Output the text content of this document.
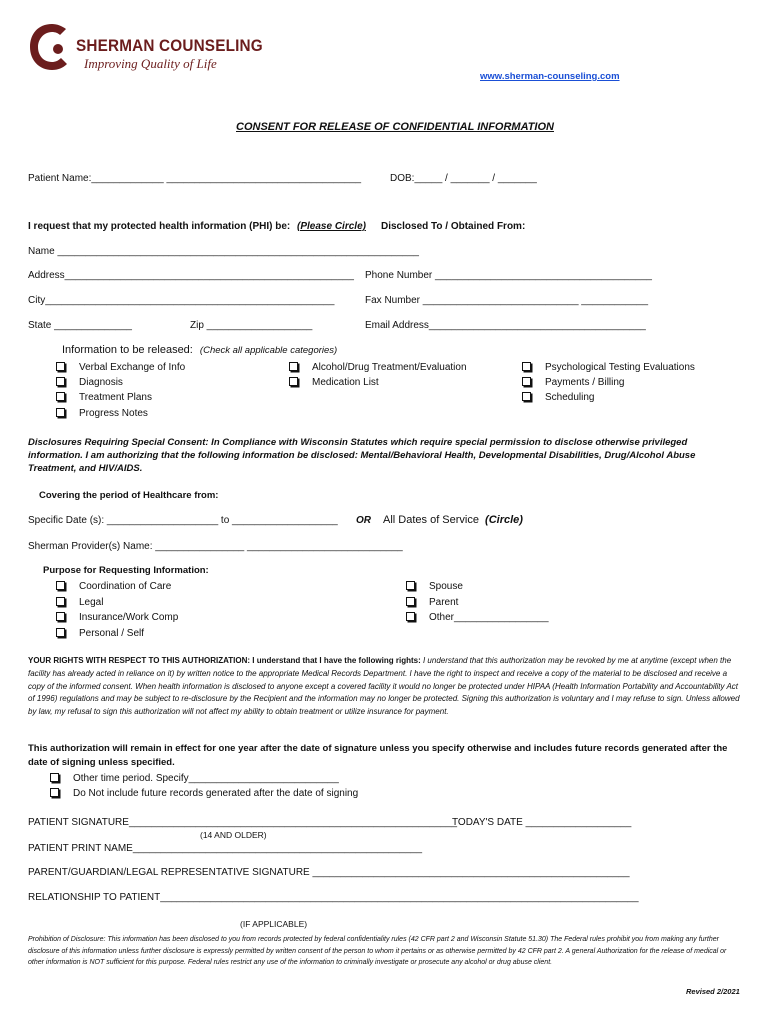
SHERMAN COUNSELING
Improving Quality of Life
www.sherman-counseling.com
CONSENT FOR RELEASE OF CONFIDENTIAL INFORMATION
Patient Name:_____________ ___________________________________	DOB:_____ / _______ / _______
I request that my protected health information (PHI) be: (Please Circle) Disclosed To / Obtained From:
Name _________________________________________________________________
Address____________________________________________________ Phone Number _______________________________________
City____________________________________________________	Fax Number ____________________________ ____________
State ______________	Zip ___________________	Email Address_______________________________________
Information to be released: (Check all applicable categories)
Verbal Exchange of Info
Diagnosis
Treatment Plans
Progress Notes
Alcohol/Drug Treatment/Evaluation
Medication List
Psychological Testing Evaluations
Payments / Billing
Scheduling
Disclosures Requiring Special Consent: In Compliance with Wisconsin Statutes which require special permission to disclose otherwise privileged information. I am authorizing that the following information be disclosed: Mental/Behavioral Health, Developmental Disabilities, Drug/Alcohol Abuse Treatment, and HIV/AIDS.
Covering the period of Healthcare from:
Specific Date (s): ____________________ to ___________________ OR All Dates of Service (Circle)
Sherman Provider(s) Name: ________________ ____________________________
Purpose for Requesting Information:
Coordination of Care
Legal
Insurance/Work Comp
Personal / Self
Spouse
Parent
Other_________________
YOUR RIGHTS WITH RESPECT TO THIS AUTHORIZATION: I understand that I have the following rights: I understand that this authorization may be revoked by me at anytime (except when the facility has already acted in reliance on it) by written notice to the appropriate Medical Records Department. I have the right to inspect and receive a copy of the material to be disclosed and receive a copy of the informed consent. When health information is disclosed to anyone except a covered facility it would no longer be protected under HIPAA (Health Information Portability and Accountability Act of 1996) regulations and may be subject to re-disclosure by the Recipient and the information may no longer be protected. Signing this authorization is voluntary and I may refuse to sign. Unless allowed by law, my refusal to sign this authorization will not affect my ability to obtain treatment or utilize insurance for payment.
This authorization will remain in effect for one year after the date of signature unless you specify otherwise and includes future records generated after the date of signing unless specified.
Other time period. Specify___________________________
Do Not include future records generated after the date of signing
PATIENT SIGNATURE___________________________________________________________
TODAY'S DATE ___________________
(14 AND OLDER)
PATIENT PRINT NAME____________________________________________________
PARENT/GUARDIAN/LEGAL REPRESENTATIVE SIGNATURE _________________________________________________________
RELATIONSHIP TO PATIENT______________________________________________________________________________________
(IF APPLICABLE)
Prohibition of Disclosure: This information has been disclosed to you from records protected by federal confidentiality rules (42 CFR part 2 and Wisconsin Statute 51.30) The Federal rules prohibit you from making any further disclosure of this information unless further disclosure is expressly permitted by written consent of the person to whom it pertains or as otherwise permitted by 42 CFR part 2. A general Authorization for the release of medical or other information is NOT sufficient for this purpose. Federal rules restrict any use of the information to criminally investigate or prosecute any alcohol or drug abuse client.
Revised 2/2021
